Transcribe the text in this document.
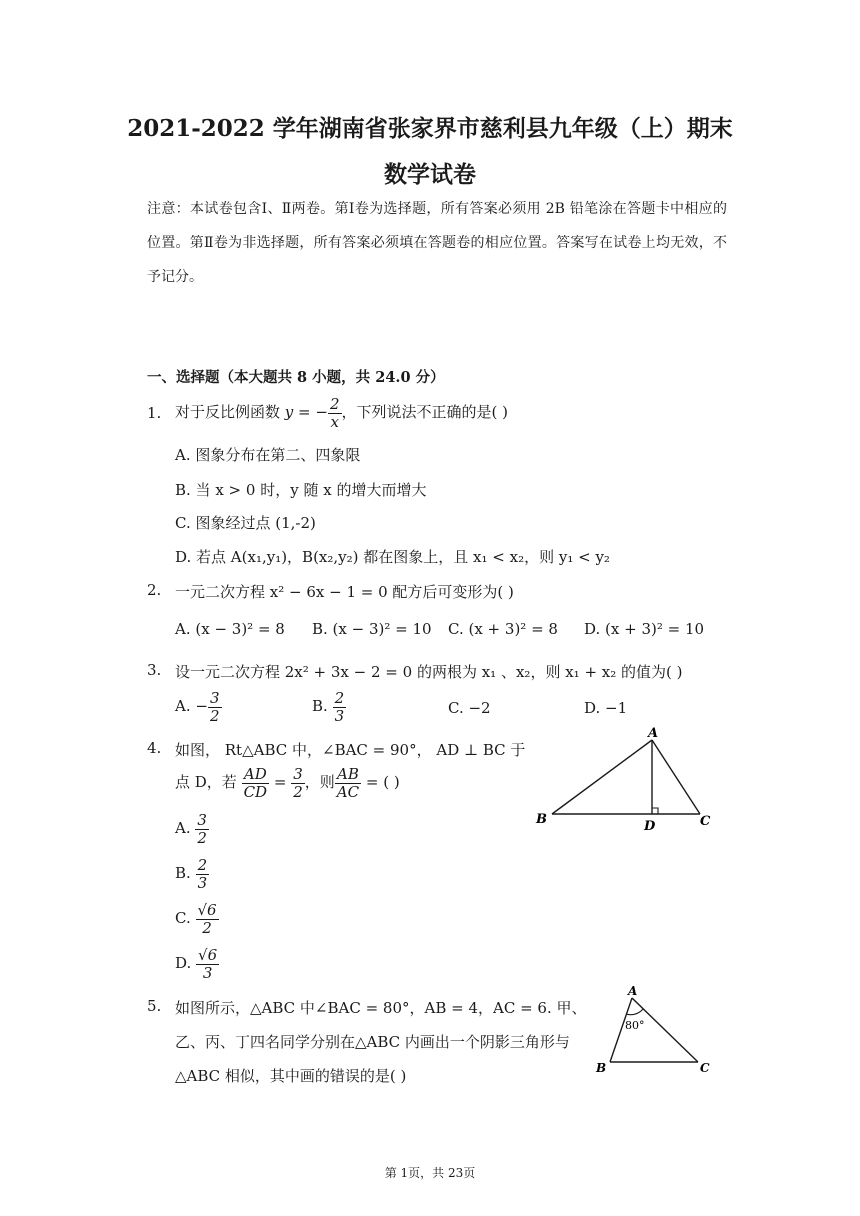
2021-2022 学年湖南省张家界市慈利县九年级（上）期末
数学试卷
注意：本试卷包含Ⅰ、Ⅱ两卷。第Ⅰ卷为选择题，所有答案必须用 2B 铅笔涂在答题卡中相应的位置。第Ⅱ卷为非选择题，所有答案必须填在答题卷的相应位置。答案写在试卷上均无效，不予记分。
一、选择题（本大题共 8 小题，共 24.0 分）
1. 对于反比例函数 y = − $\frac{2}{x}$ ，下列说法不正确的是( )
A. 图象分布在第二、四象限
B. 当 x > 0 时，y 随 x 的增大而增大
C. 图象经过点 (1,-2)
D. 若点 A(x₁,y₁)，B(x₂,y₂) 都在图象上，且 x₁ < x₂，则 y₁ < y₂
2. 一元二次方程 x² − 6x − 1 = 0 配方后可变形为( )
A. (x − 3)² = 8 B. (x − 3)² = 10 C. (x + 3)² = 8 D. (x + 3)² = 10
3. 设一元二次方程 2x² + 3x − 2 = 0 的两根为 x₁ 、x₂，则 x₁ + x₂ 的值为( )
A. − $\frac{3}{2}$	B. $\frac{2}{3}$	C. −2	D. −1
4. 如图， Rt△ABC 中，∠BAC = 90°， AD ⊥ BC 于
点 D，若 $\frac{AD}{CD} = \frac{3}{2}$ ，则 $\frac{AB}{AC}$ = ( )
A. $\frac{3}{2}$
B. $\frac{2}{3}$
C. $\frac{√6}{2}$
D. $\frac{√6}{3}$
A
B	C
D
5. 如图所示，△ABC 中∠BAC = 80°，AB = 4，AC = 6. 甲、
乙、丙、丁四名同学分别在△ABC 内画出一个阴影三角形与
△ABC 相似，其中画的错误的是( )
A
B	C
80°
第 1页，共 23页
